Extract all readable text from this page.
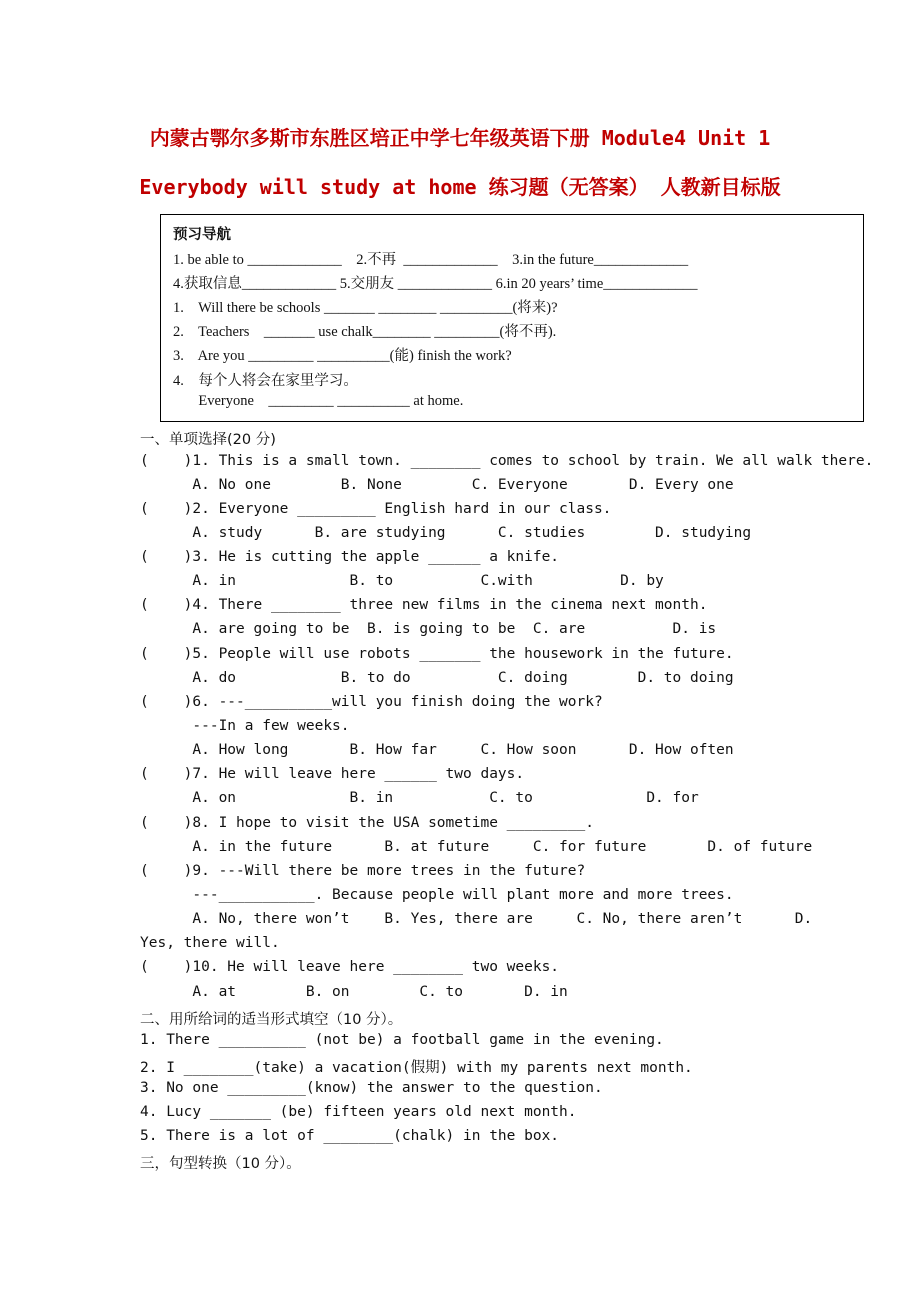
内蒙古鄂尔多斯市东胜区培正中学七年级英语下册 Module4 Unit 1
Everybody will study at home 练习题（无答案） 人教新目标版
预习导航
1. be able to _____________    2.不再  _____________    3.in the future_____________
4.获取信息_____________ 5.交朋友 _____________ 6.in 20 years’ time_____________
1.    Will there be schools _______ ________ __________(将来)?
2.    Teachers    _______ use chalk________ _________(将不再).
3.    Are you _________ __________(能) finish the work?
4.    每个人将会在家里学习。
Everyone    _________ __________ at home.
一、单项选择(20 分)
(    )1. This is a small town. ________ comes to school by train. We all walk there.
A. No one        B. None        C. Everyone       D. Every one
(    )2. Everyone _________ English hard in our class.
A. study      B. are studying      C. studies        D. studying
(    )3. He is cutting the apple ______ a knife.
A. in             B. to          C.with          D. by
(    )4. There ________ three new films in the cinema next month.
A. are going to be  B. is going to be  C. are          D. is
(    )5. People will use robots _______ the housework in the future.
A. do            B. to do          C. doing        D. to doing
(    )6. ---__________will you finish doing the work?
---In a few weeks.
A. How long       B. How far     C. How soon      D. How often
(    )7. He will leave here ______ two days.
A. on             B. in           C. to             D. for
(    )8. I hope to visit the USA sometime _________.
A. in the future      B. at future     C. for future       D. of future
(    )9. ---Will there be more trees in the future?
---___________. Because people will plant more and more trees.
A. No, there won’t    B. Yes, there are     C. No, there aren’t      D.
Yes, there will.
(    )10. He will leave here ________ two weeks.
A. at        B. on        C. to       D. in
二、用所给词的适当形式填空（10 分）。
1. There __________ (not be) a football game in the evening.
2. I ________(take) a vacation(假期) with my parents next month.
3. No one _________(know) the answer to the question.
4. Lucy _______ (be) fifteen years old next month.
5. There is a lot of ________(chalk) in the box.
三，句型转换（10 分）。
